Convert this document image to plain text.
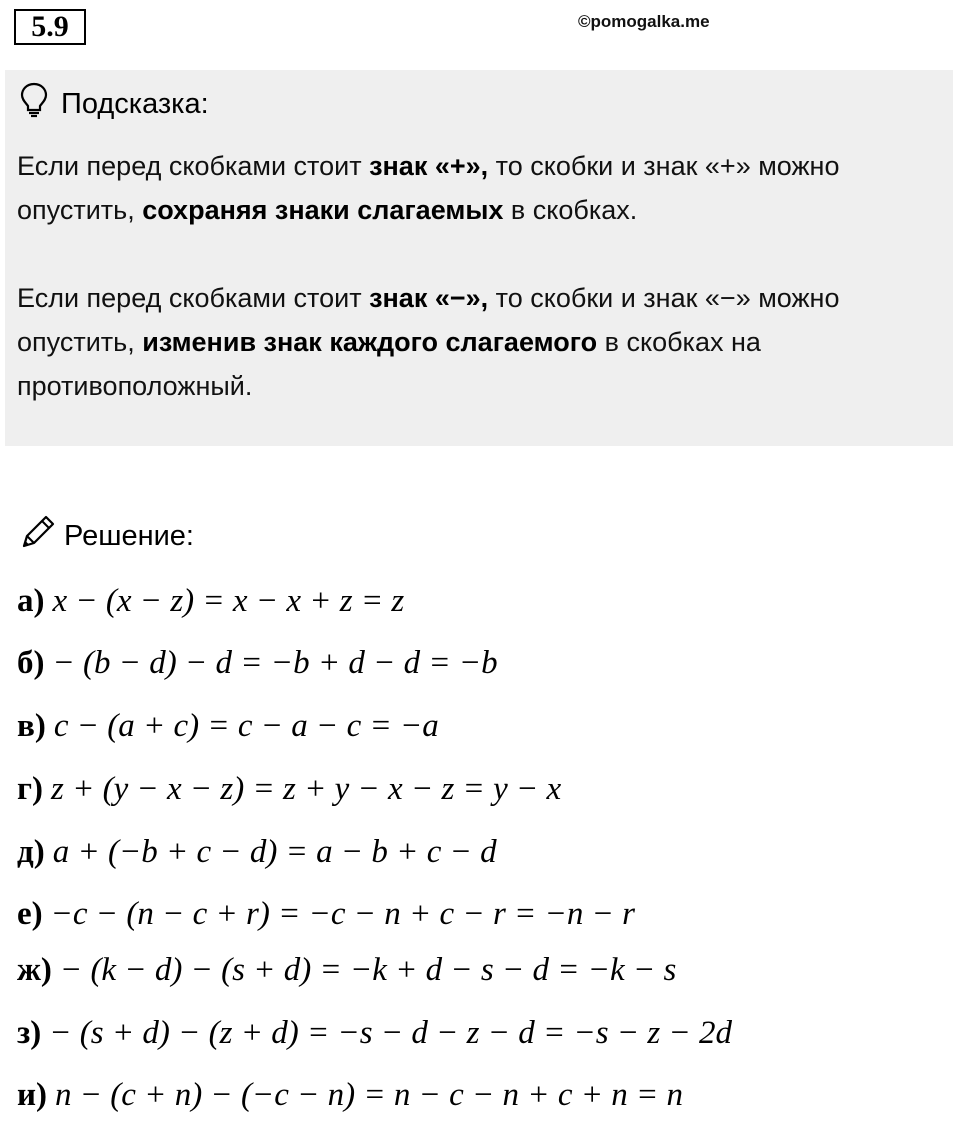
5.9	©pomogalka.me
Подсказка:
Если перед скобками стоит знак «+», то скобки и знак «+» можно опустить, сохраняя знаки слагаемых в скобках.
Если перед скобками стоит знак «−», то скобки и знак «−» можно опустить, изменив знак каждого слагаемого в скобках на противоположный.
Решение:
а) x − (x − z) = x − x + z = z
б) − (b − d) − d = −b + d − d = −b
в) c − (a + c) = c − a − c = −a
г) z + (y − x − z) = z + y − x − z = y − x
д) a + (−b + c − d) = a − b + c − d
е) −c − (n − c + r) = −c − n + c − r = −n − r
ж) − (k − d) − (s + d) = −k + d − s − d = −k − s
з) − (s + d) − (z + d) = −s − d − z − d = −s − z − 2d
и) n − (c + n) − (−c − n) = n − c − n + c + n = n
